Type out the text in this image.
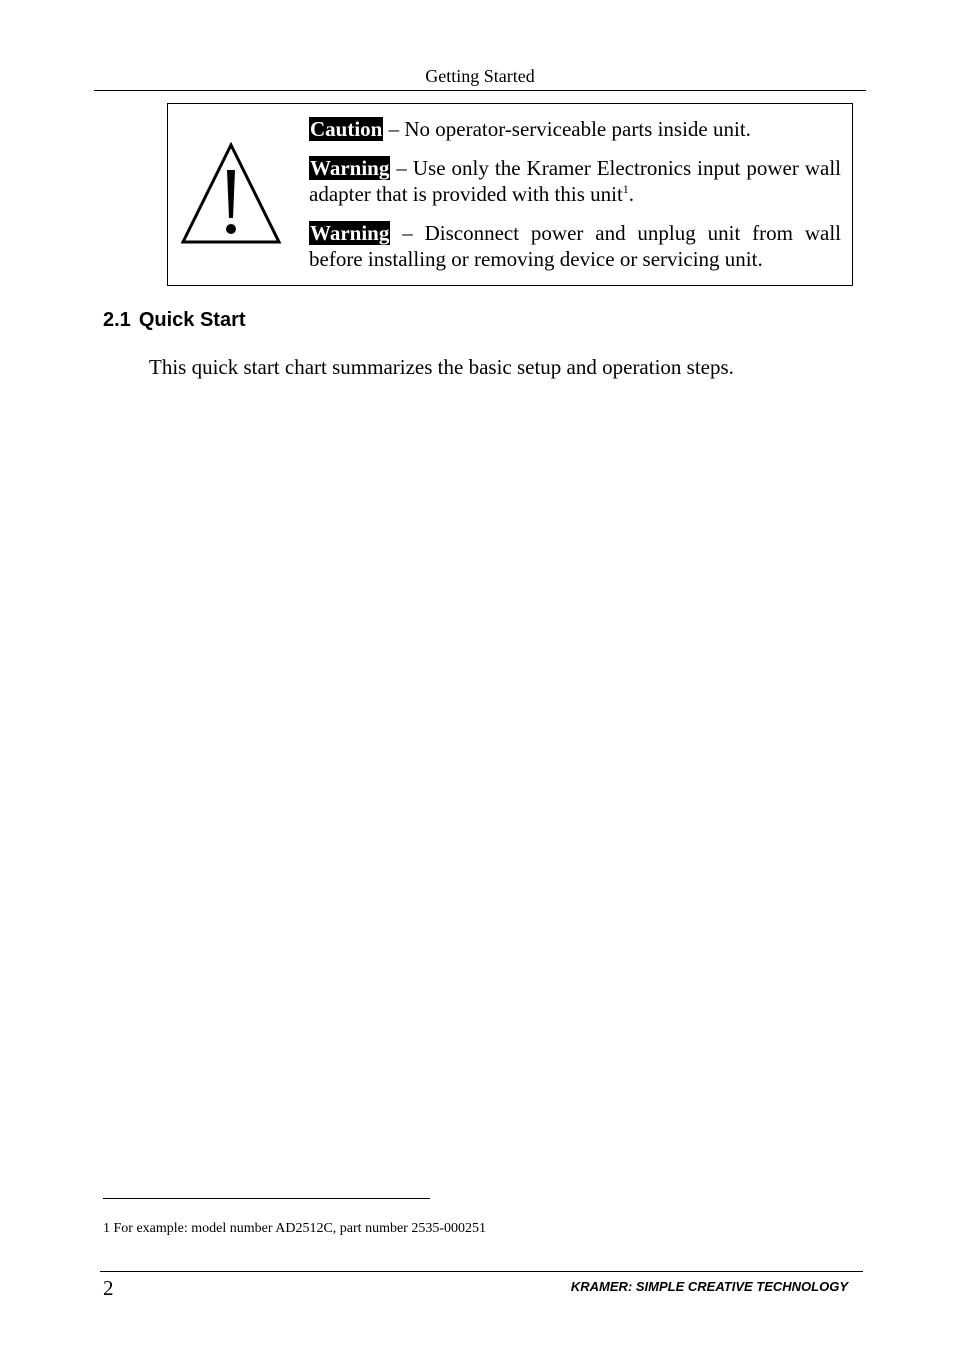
Getting Started

Caution – No operator-serviceable parts inside unit.

Warning – Use only the Kramer Electronics input power wall adapter that is provided with this unit$^1$.

Warning – Disconnect power and unplug unit from wall before installing or removing device or servicing unit.

2.1 Quick Start

This quick start chart summarizes the basic setup and operation steps.

1 For example: model number AD2512C, part number 2535-000251
2	KRAMER: SIMPLE CREATIVE TECHNOLOGY
